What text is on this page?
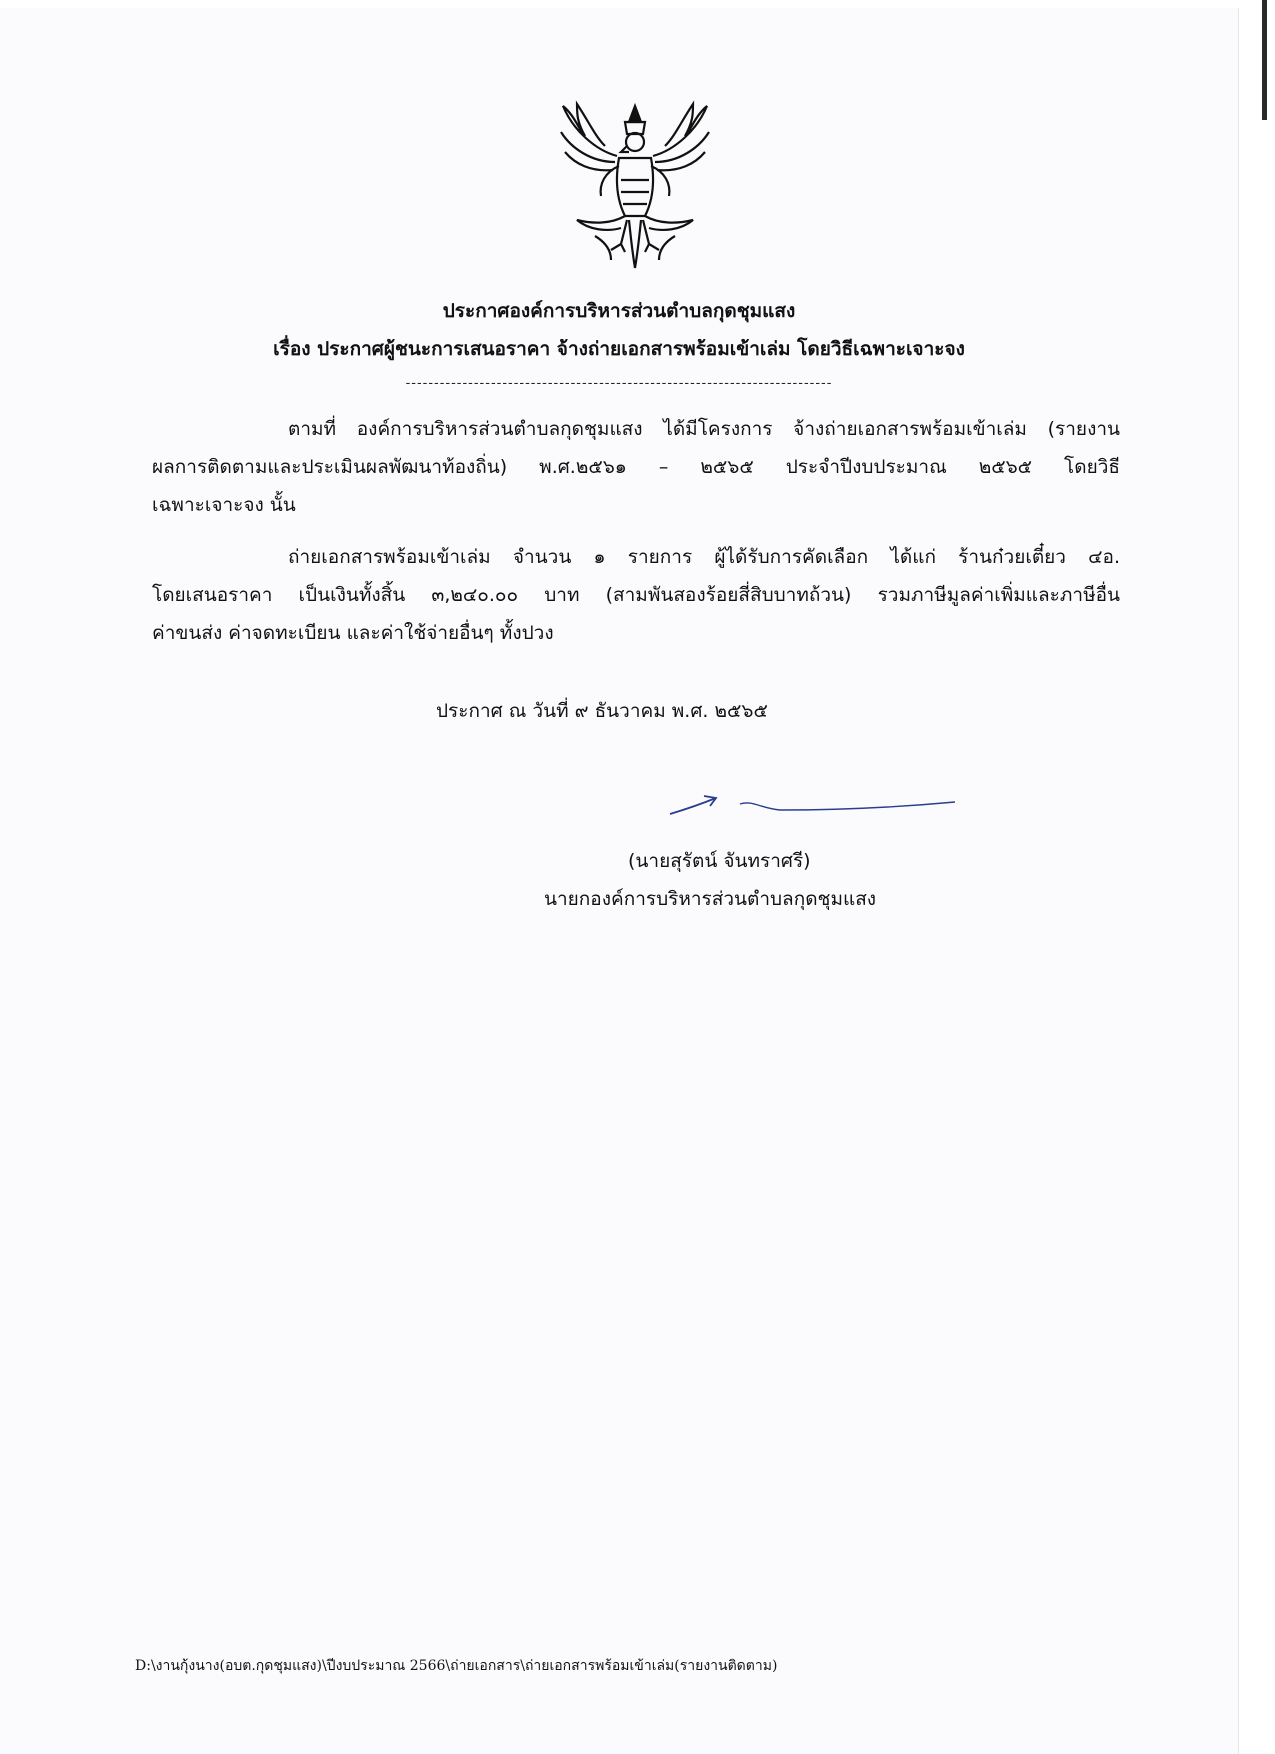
ประกาศองค์การบริหารส่วนตำบลกุดชุมแสง
เรื่อง ประกาศผู้ชนะการเสนอราคา จ้างถ่ายเอกสารพร้อมเข้าเล่ม โดยวิธีเฉพาะเจาะจง
---------------------------------------------------------------------------
ตามที่ องค์การบริหารส่วนตำบลกุดชุมแสง ได้มีโครงการ จ้างถ่ายเอกสารพร้อมเข้าเล่ม (รายงาน
ผลการติดตามและประเมินผลพัฒนาท้องถิ่น) พ.ศ.๒๕๖๑ – ๒๕๖๕ ประจำปีงบประมาณ ๒๕๖๕ โดยวิธี
เฉพาะเจาะจง นั้น
ถ่ายเอกสารพร้อมเข้าเล่ม จำนวน ๑ รายการ ผู้ได้รับการคัดเลือก ได้แก่ ร้านก๋วยเตี๋ยว ๔อ.
โดยเสนอราคา เป็นเงินทั้งสิ้น ๓,๒๔๐.๐๐ บาท (สามพันสองร้อยสี่สิบบาทถ้วน) รวมภาษีมูลค่าเพิ่มและภาษีอื่น
ค่าขนส่ง ค่าจดทะเบียน และค่าใช้จ่ายอื่นๆ ทั้งปวง
ประกาศ ณ วันที่ ๙ ธันวาคม พ.ศ. ๒๕๖๕
(นายสุรัตน์ จันทราศรี)
นายกองค์การบริหารส่วนตำบลกุดชุมแสง
D:\งานกุ้งนาง(อบต.กุดชุมแสง)\ปีงบประมาณ 2566\ถ่ายเอกสาร\ถ่ายเอกสารพร้อมเข้าเล่ม(รายงานติดตาม)
